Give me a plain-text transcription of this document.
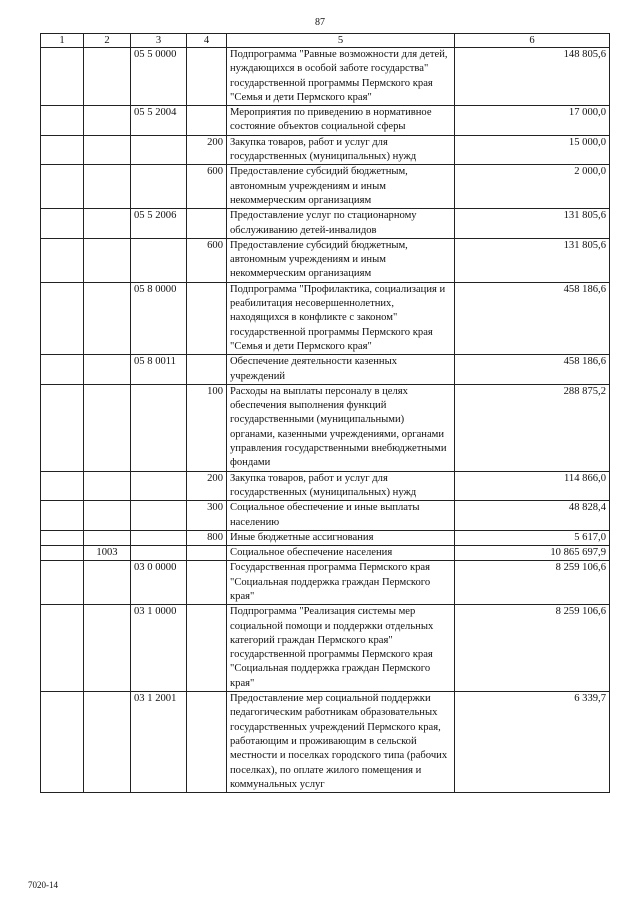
87
1	2	3	4	5	6
		05 5 0000		Подпрограмма "Равные возможности для детей, нуждающихся в особой заботе государства" государственной программы Пермского края "Семья и дети Пермского края"	148 805,6
		05 5 2004		Мероприятия по приведению в нормативное состояние объектов социальной сферы	17 000,0
			200	Закупка товаров, работ и услуг для государственных (муниципальных) нужд	15 000,0
			600	Предоставление субсидий бюджетным, автономным учреждениям и иным некоммерческим организациям	2 000,0
		05 5 2006		Предоставление услуг по стационарному обслуживанию детей-инвалидов	131 805,6
			600	Предоставление субсидий бюджетным, автономным учреждениям и иным некоммерческим организациям	131 805,6
		05 8 0000		Подпрограмма "Профилактика, социализация и реабилитация несовершеннолетних, находящихся в конфликте с законом" государственной программы Пермского края "Семья и дети Пермского края"	458 186,6
		05 8 0011		Обеспечение деятельности казенных учреждений	458 186,6
			100	Расходы на выплаты персоналу в целях обеспечения выполнения функций государственными (муниципальными) органами, казенными учреждениями, органами управления государственными внебюджетными фондами	288 875,2
			200	Закупка товаров, работ и услуг для государственных (муниципальных) нужд	114 866,0
			300	Социальное обеспечение и иные выплаты населению	48 828,4
			800	Иные бюджетные ассигнования	5 617,0
	1003			Социальное обеспечение населения	10 865 697,9
		03 0 0000		Государственная программа Пермского края "Социальная поддержка граждан Пермского края"	8 259 106,6
		03 1 0000		Подпрограмма "Реализация системы мер социальной помощи и поддержки отдельных категорий граждан Пермского края" государственной программы Пермского края "Социальная поддержка граждан Пермского края"	8 259 106,6
		03 1 2001		Предоставление мер социальной поддержки педагогическим работникам образовательных государственных учреждений Пермского края, работающим и проживающим в сельской местности и поселках городского типа (рабочих поселках), по оплате жилого помещения и коммунальных услуг	6 339,7
7020-14
